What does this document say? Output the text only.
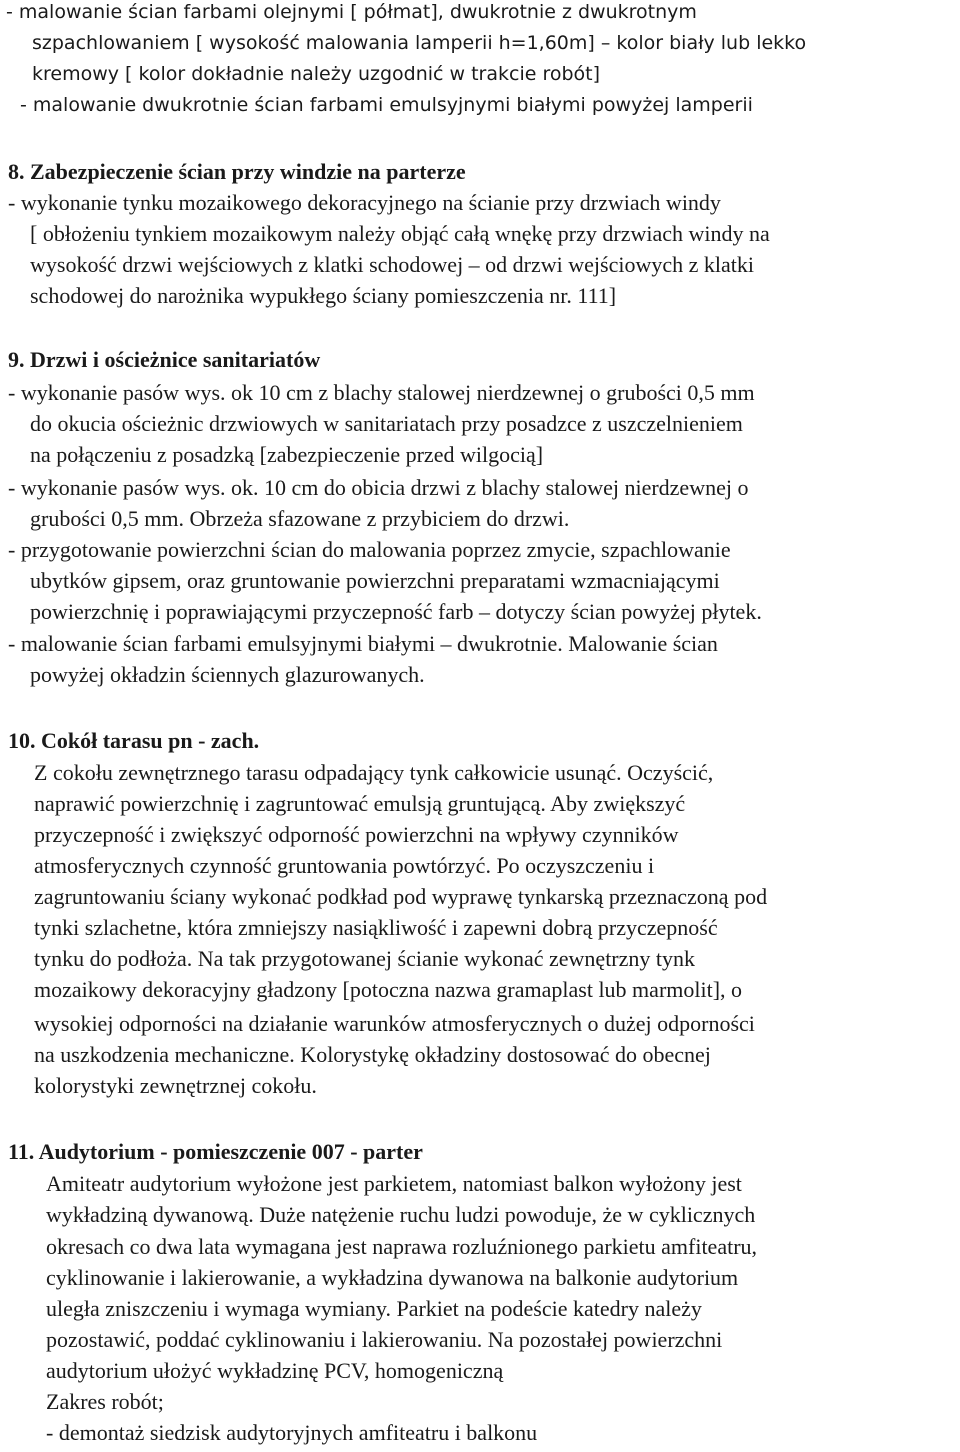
- malowanie ścian farbami olejnymi [ półmat], dwukrotnie z dwukrotnym
szpachlowaniem [ wysokość malowania lamperii h=1,60m] – kolor biały lub lekko
kremowy [ kolor dokładnie należy uzgodnić w trakcie robót]
- malowanie dwukrotnie ścian farbami emulsyjnymi białymi powyżej lamperii
8. Zabezpieczenie ścian przy windzie na parterze
- wykonanie tynku mozaikowego dekoracyjnego na ścianie przy drzwiach windy
[ obłożeniu tynkiem mozaikowym należy objąć całą wnękę przy drzwiach windy na
wysokość drzwi wejściowych z klatki schodowej – od drzwi wejściowych z klatki
schodowej do narożnika wypukłego ściany pomieszczenia nr. 111]
9. Drzwi i ościeżnice sanitariatów
- wykonanie pasów wys. ok 10 cm z blachy stalowej nierdzewnej o grubości 0,5 mm
do okucia ościeżnic drzwiowych w sanitariatach przy posadzce z uszczelnieniem
na połączeniu z posadzką [zabezpieczenie przed wilgocią]
- wykonanie pasów wys. ok. 10 cm do obicia drzwi z blachy stalowej nierdzewnej o
grubości 0,5 mm. Obrzeża sfazowane z przybiciem do drzwi.
- przygotowanie powierzchni ścian do malowania poprzez zmycie, szpachlowanie
ubytków gipsem, oraz gruntowanie powierzchni preparatami wzmacniającymi
powierzchnię i poprawiającymi przyczepność farb – dotyczy ścian powyżej płytek.
- malowanie ścian farbami emulsyjnymi białymi – dwukrotnie. Malowanie ścian
powyżej okładzin ściennych glazurowanych.
10. Cokół tarasu pn - zach.
Z cokołu zewnętrznego tarasu odpadający tynk całkowicie usunąć. Oczyścić,
naprawić powierzchnię i zagruntować emulsją gruntującą. Aby zwiększyć
przyczepność i zwiększyć odporność powierzchni na wpływy czynników
atmosferycznych czynność gruntowania powtórzyć. Po oczyszczeniu i
zagruntowaniu ściany wykonać podkład pod wyprawę tynkarską przeznaczoną pod
tynki szlachetne, która zmniejszy nasiąkliwość i zapewni dobrą przyczepność
tynku do podłoża. Na tak przygotowanej ścianie wykonać zewnętrzny tynk
mozaikowy dekoracyjny gładzony [potoczna nazwa gramaplast lub marmolit], o
wysokiej odporności na działanie warunków atmosferycznych o dużej odporności
na uszkodzenia mechaniczne. Kolorystykę okładziny dostosować do obecnej
kolorystyki zewnętrznej cokołu.
11. Audytorium - pomieszczenie 007 - parter
Amiteatr audytorium wyłożone jest parkietem, natomiast balkon wyłożony jest
wykładziną dywanową. Duże natężenie ruchu ludzi powoduje, że w cyklicznych
okresach co dwa lata wymagana jest naprawa rozluźnionego parkietu amfiteatru,
cyklinowanie i lakierowanie, a wykładzina dywanowa na balkonie audytorium
uległa zniszczeniu i wymaga wymiany. Parkiet na podeście katedry należy
pozostawić, poddać cyklinowaniu i lakierowaniu. Na pozostałej powierzchni
audytorium ułożyć wykładzinę PCV, homogeniczną
Zakres robót;
- demontaż siedzisk audytoryjnych amfiteatru i balkonu
